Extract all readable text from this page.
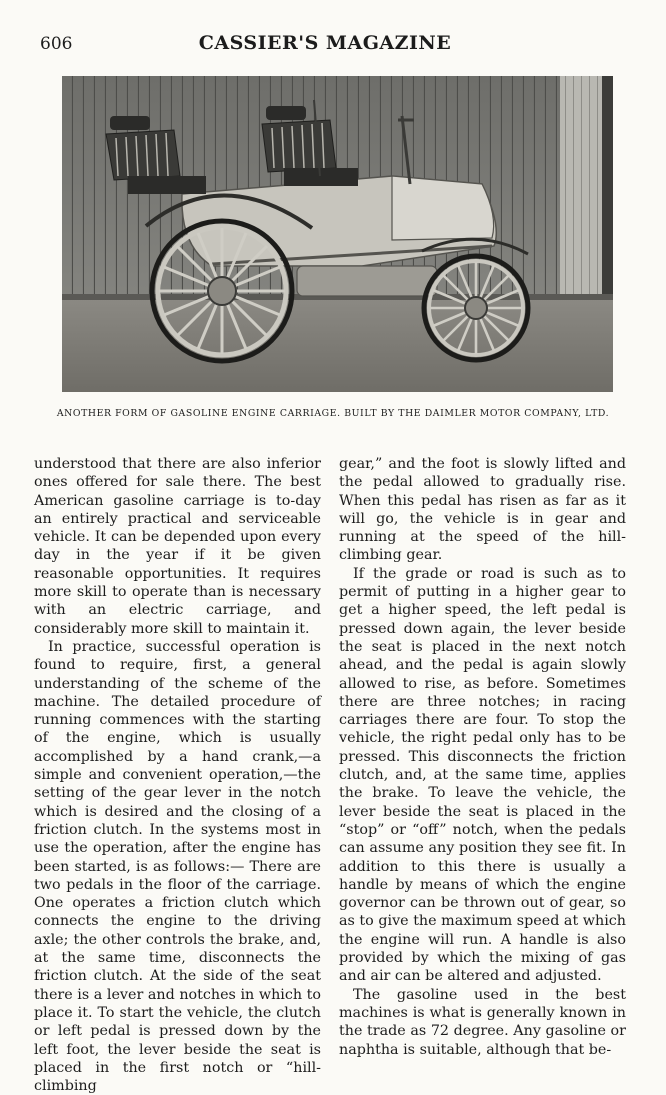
606	CASSIER'S MAGAZINE
ANOTHER FORM OF GASOLINE ENGINE CARRIAGE. BUILT BY THE DAIMLER MOTOR COMPANY, LTD.

understood that there are also inferior ones offered for sale there. The best American gasoline carriage is to-day an entirely practical and serviceable vehicle. It can be depended upon every day in the year if it be given reasonable opportunities. It requires more skill to operate than is necessary with an electric carriage, and considerably more skill to maintain it.

In practice, successful operation is found to require, first, a general understanding of the scheme of the machine. The detailed procedure of running commences with the starting of the engine, which is usually accomplished by a hand crank,—a simple and convenient operation,—the setting of the gear lever in the notch which is desired and the closing of a friction clutch. In the systems most in use the operation, after the engine has been started, is as follows:— There are two pedals in the floor of the carriage. One operates a friction clutch which connects the engine to the driving axle; the other controls the brake, and, at the same time, disconnects the friction clutch. At the side of the seat there is a lever and notches in which to place it. To start the vehicle, the clutch or left pedal is pressed down by the left foot, the lever beside the seat is placed in the first notch or “hill-climbing

gear,” and the foot is slowly lifted and the pedal allowed to gradually rise. When this pedal has risen as far as it will go, the vehicle is in gear and running at the speed of the hill-climbing gear.

If the grade or road is such as to permit of putting in a higher gear to get a higher speed, the left pedal is pressed down again, the lever beside the seat is placed in the next notch ahead, and the pedal is again slowly allowed to rise, as before. Sometimes there are three notches; in racing carriages there are four. To stop the vehicle, the right pedal only has to be pressed. This disconnects the friction clutch, and, at the same time, applies the brake. To leave the vehicle, the lever beside the seat is placed in the “stop” or “off” notch, when the pedals can assume any position they see fit. In addition to this there is usually a handle by means of which the engine governor can be thrown out of gear, so as to give the maximum speed at which the engine will run. A handle is also provided by which the mixing of gas and air can be altered and adjusted.

The gasoline used in the best machines is what is generally known in the trade as 72 degree. Any gasoline or naphtha is suitable, although that be-
